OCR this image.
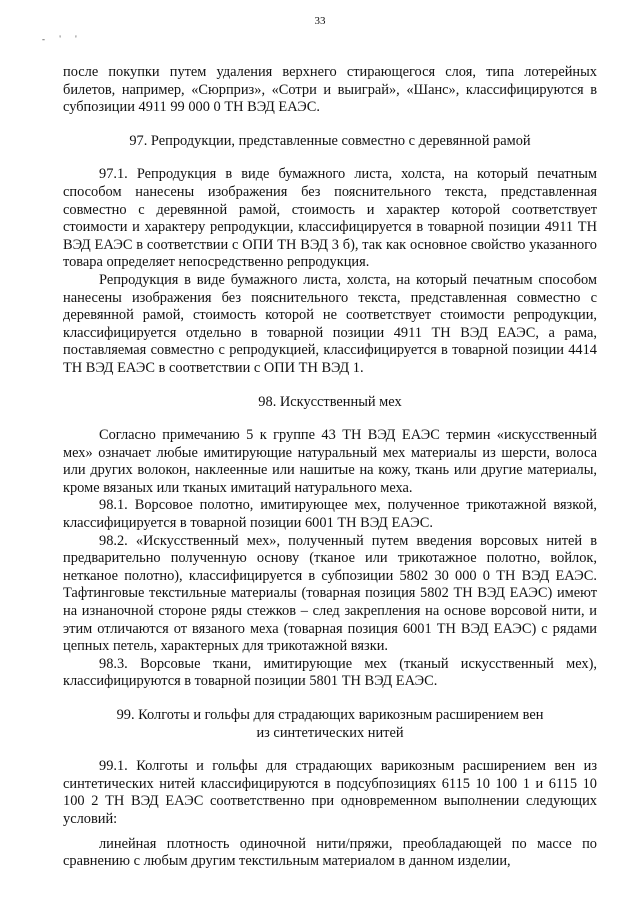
33
- ' '

после покупки путем удаления верхнего стирающегося слоя, типа лотерейных билетов, например, «Сюрприз», «Сотри и выиграй», «Шанс», классифицируются в субпозиции 4911 99 000 0 ТН ВЭД ЕАЭС.

97. Репродукции, представленные совместно с деревянной рамой

97.1. Репродукция в виде бумажного листа, холста, на который печатным способом нанесены изображения без пояснительного текста, представленная совместно с деревянной рамой, стоимость и характер которой соответствует стоимости и характеру репродукции, классифицируется в товарной позиции 4911 ТН ВЭД ЕАЭС в соответствии с ОПИ ТН ВЭД 3 б), так как основное свойство указанного товара определяет непосредственно репродукция.

Репродукция в виде бумажного листа, холста, на который печатным способом нанесены изображения без пояснительного текста, представленная совместно с деревянной рамой, стоимость которой не соответствует стоимости репродукции, классифицируется отдельно в товарной позиции 4911 ТН ВЭД ЕАЭС, а рама, поставляемая совместно с репродукцией, классифицируется в товарной позиции 4414 ТН ВЭД ЕАЭС в соответствии с ОПИ ТН ВЭД 1.

98. Искусственный мех

Согласно примечанию 5 к группе 43 ТН ВЭД ЕАЭС термин «искусственный мех» означает любые имитирующие натуральный мех материалы из шерсти, волоса или других волокон, наклеенные или нашитые на кожу, ткань или другие материалы, кроме вязаных или тканых имитаций натурального меха.

98.1. Ворсовое полотно, имитирующее мех, полученное трикотажной вязкой, классифицируется в товарной позиции 6001 ТН ВЭД ЕАЭС.

98.2. «Искусственный мех», полученный путем введения ворсовых нитей в предварительно полученную основу (тканое или трикотажное полотно, войлок, нетканое полотно), классифицируется в субпозиции 5802 30 000 0 ТН ВЭД ЕАЭС. Тафтинговые текстильные материалы (товарная позиция 5802 ТН ВЭД ЕАЭС) имеют на изнаночной стороне ряды стежков – след закрепления на основе ворсовой нити, и этим отличаются от вязаного меха (товарная позиция 6001 ТН ВЭД ЕАЭС) с рядами цепных петель, характерных для трикотажной вязки.

98.3. Ворсовые ткани, имитирующие мех (тканый искусственный мех), классифицируются в товарной позиции 5801 ТН ВЭД ЕАЭС.

99. Колготы и гольфы для страдающих варикозным расширением вен
из синтетических нитей

99.1. Колготы и гольфы для страдающих варикозным расширением вен из синтетических нитей классифицируются в подсубпозициях 6115 10 100 1 и 6115 10 100 2 ТН ВЭД ЕАЭС соответственно при одновременном выполнении следующих условий:

линейная плотность одиночной нити/пряжи, преобладающей по массе по сравнению с любым другим текстильным материалом в данном изделии,
